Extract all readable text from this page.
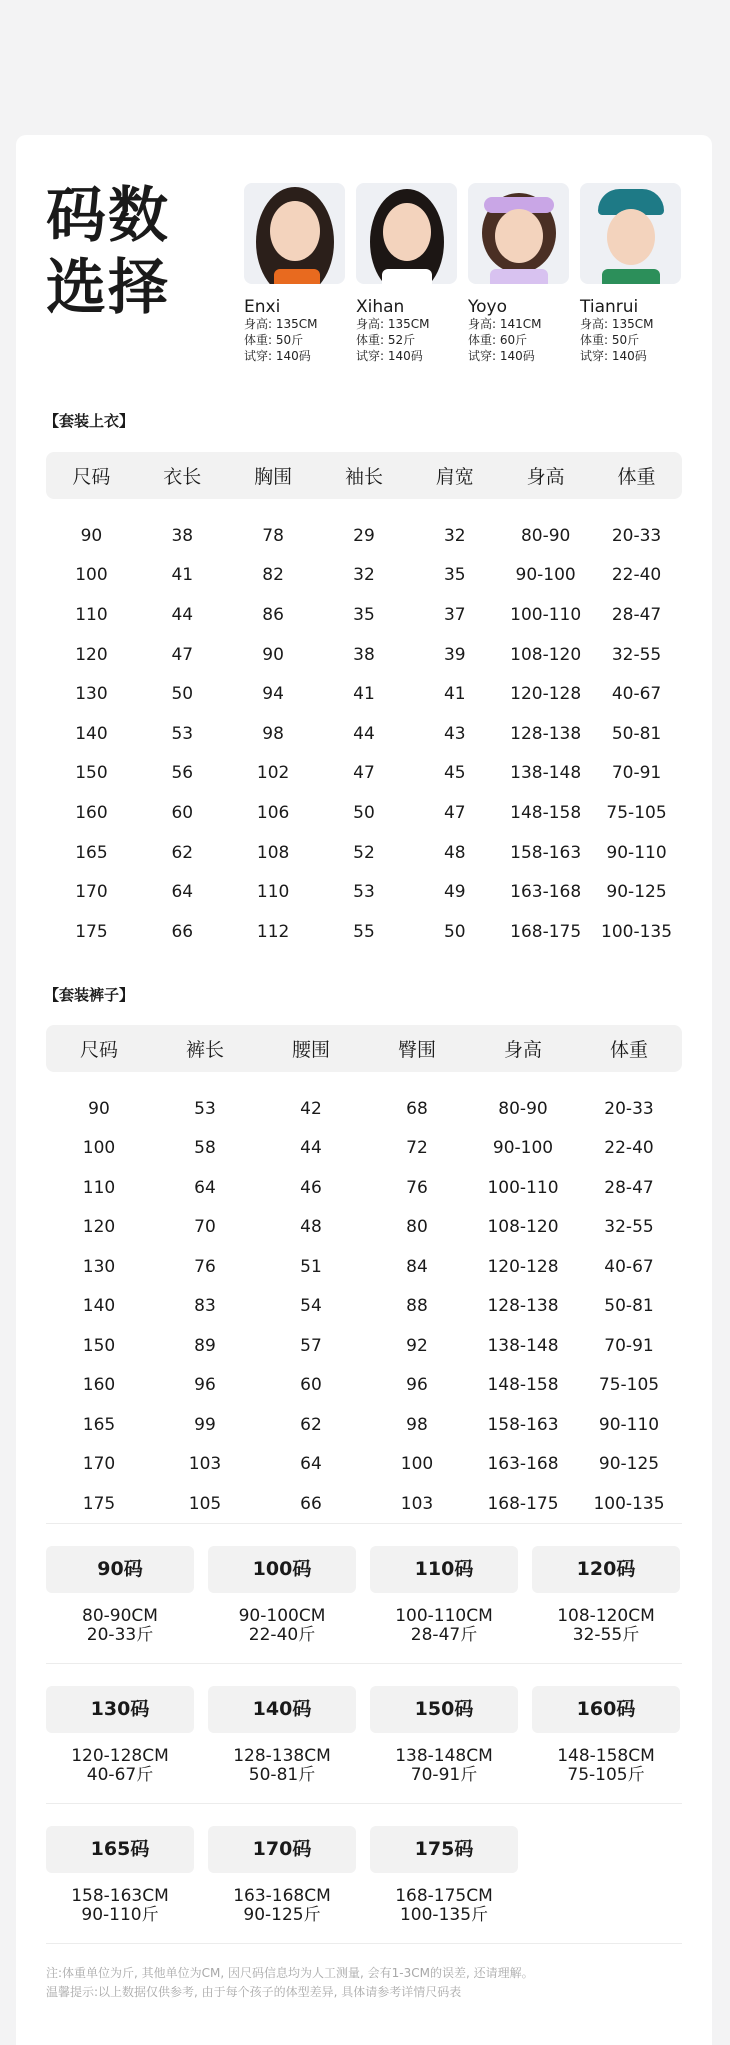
码数
选择	Enxi
身高: 135CM
体重: 50斤
试穿: 140码
Xihan
身高: 135CM
体重: 52斤
试穿: 140码
Yoyo
身高: 141CM
体重: 60斤
试穿: 140码
Tianrui
身高: 135CM
体重: 50斤
试穿: 140码
【套装上衣】
尺码	衣长	胸围	袖长	肩宽	身高	体重

90	38	78	29	32	80-90	20-33
100	41	82	32	35	90-100	22-40
110	44	86	35	37	100-110	28-47
120	47	90	38	39	108-120	32-55
130	50	94	41	41	120-128	40-67
140	53	98	44	43	128-138	50-81
150	56	102	47	45	138-148	70-91
160	60	106	50	47	148-158	75-105
165	62	108	52	48	158-163	90-110
170	64	110	53	49	163-168	90-125
175	66	112	55	50	168-175	100-135
【套装裤子】
尺码	裤长	腰围	臀围	身高	体重

90	53	42	68	80-90	20-33
100	58	44	72	90-100	22-40
110	64	46	76	100-110	28-47
120	70	48	80	108-120	32-55
130	76	51	84	120-128	40-67
140	83	54	88	128-138	50-81
150	89	57	92	138-148	70-91
160	96	60	96	148-158	75-105
165	99	62	98	158-163	90-110
170	103	64	100	163-168	90-125
175	105	66	103	168-175	100-135
90码
80-90CM
20-33斤
100码
90-100CM
22-40斤
110码
100-110CM
28-47斤
120码
108-120CM
32-55斤
130码
120-128CM
40-67斤
140码
128-138CM
50-81斤
150码
138-148CM
70-91斤
160码
148-158CM
75-105斤
165码
158-163CM
90-110斤
170码
163-168CM
90-125斤
175码
168-175CM
100-135斤
注:体重单位为斤, 其他单位为CM, 因尺码信息均为人工测量, 会有1-3CM的误差, 还请理解。
温馨提示:以上数据仅供参考, 由于每个孩子的体型差异, 具体请参考详情尺码表
